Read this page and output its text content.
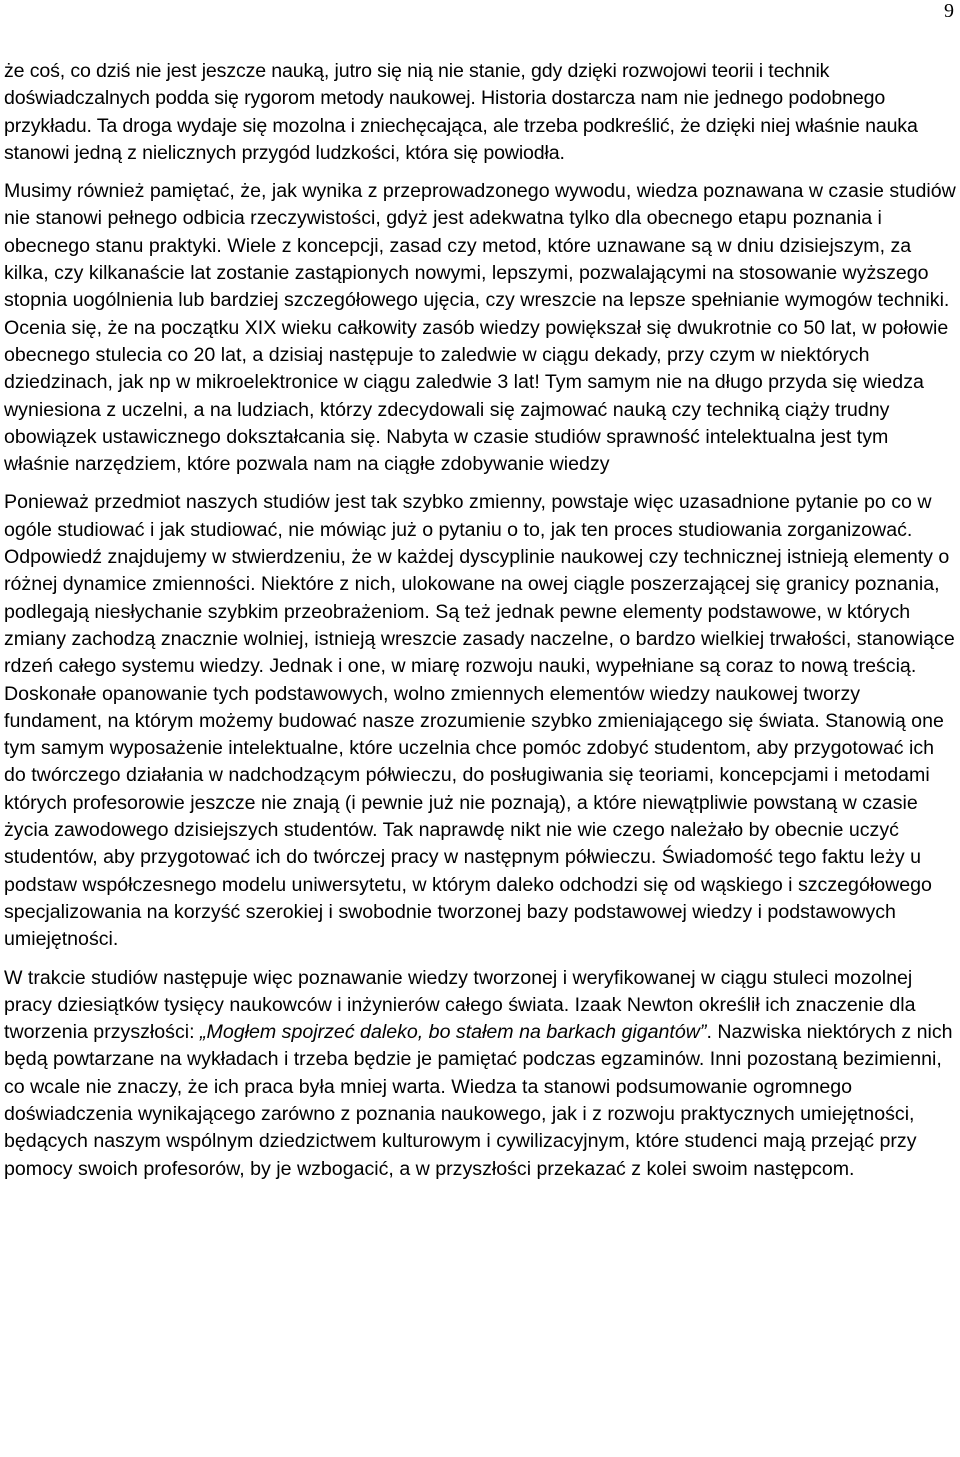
9

że coś, co dziś nie jest jeszcze nauką, jutro się nią nie stanie, gdy dzięki rozwojowi teorii i technik doświadczalnych podda się rygorom metody naukowej. Historia dostarcza nam nie jednego podobnego przykładu. Ta droga wydaje się mozolna i zniechęcająca, ale trzeba podkreślić, że dzięki niej właśnie nauka stanowi jedną z nielicznych przygód ludzkości, która się powiodła.

Musimy również pamiętać, że, jak wynika z przeprowadzonego wywodu, wiedza poznawana w czasie studiów nie stanowi pełnego odbicia rzeczywistości, gdyż jest adekwatna tylko dla obecnego etapu poznania i obecnego stanu praktyki. Wiele z koncepcji, zasad czy metod, które uznawane są w dniu dzisiejszym, za kilka, czy kilkanaście lat zostanie zastąpionych nowymi, lepszymi, pozwalającymi na stosowanie wyższego stopnia uogólnienia lub bardziej szczegółowego ujęcia, czy wreszcie na lepsze spełnianie wymogów techniki. Ocenia się, że na początku XIX wieku całkowity zasób wiedzy powiększał się dwukrotnie co 50 lat, w połowie obecnego stulecia co 20 lat, a dzisiaj następuje to zaledwie w ciągu dekady, przy czym w niektórych dziedzinach, jak np w mikroelektronice w ciągu zaledwie 3 lat! Tym samym nie na długo przyda się wiedza wyniesiona z uczelni, a na ludziach, którzy zdecydowali się zajmować nauką czy techniką ciąży trudny obowiązek ustawicznego dokształcania się. Nabyta w czasie studiów sprawność intelektualna jest tym właśnie narzędziem, które pozwala nam na ciągłe zdobywanie wiedzy

Ponieważ przedmiot naszych studiów jest tak szybko zmienny, powstaje więc uzasadnione pytanie po co w ogóle studiować i jak studiować, nie mówiąc już o pytaniu o to, jak ten proces studiowania zorganizować. Odpowiedź znajdujemy w stwierdzeniu, że w każdej dyscyplinie naukowej czy technicznej istnieją elementy o różnej dynamice zmienności. Niektóre z nich, ulokowane na owej ciągle poszerzającej się granicy poznania, podlegają niesłychanie szybkim przeobrażeniom. Są też jednak pewne elementy podstawowe, w których zmiany zachodzą znacznie wolniej, istnieją wreszcie zasady naczelne, o bardzo wielkiej trwałości, stanowiące rdzeń całego systemu wiedzy. Jednak i one, w miarę rozwoju nauki, wypełniane są coraz to nową treścią. Doskonałe opanowanie tych podstawowych, wolno zmiennych elementów wiedzy naukowej tworzy fundament, na którym możemy budować nasze zrozumienie szybko zmieniającego się świata. Stanowią one tym samym wyposażenie intelektualne, które uczelnia chce pomóc zdobyć studentom, aby przygotować ich do twórczego działania w nadchodzącym półwieczu, do posługiwania się teoriami, koncepcjami i metodami których profesorowie jeszcze nie znają (i pewnie już nie poznają), a które niewątpliwie powstaną w czasie życia zawodowego dzisiejszych studentów. Tak naprawdę nikt nie wie czego należało by obecnie uczyć studentów, aby przygotować ich do twórczej pracy w następnym półwieczu. Świadomość tego faktu leży u podstaw współczesnego modelu uniwersytetu, w którym daleko odchodzi się od wąskiego i szczegółowego specjalizowania na korzyść szerokiej i swobodnie tworzonej bazy podstawowej wiedzy i podstawowych umiejętności.

W trakcie studiów następuje więc poznawanie wiedzy tworzonej i weryfikowanej w ciągu stuleci mozolnej pracy dziesiątków tysięcy naukowców i inżynierów całego świata. Izaak Newton określił ich znaczenie dla tworzenia przyszłości: „Mogłem spojrzeć daleko, bo stałem na barkach gigantów”. Nazwiska niektórych z nich będą powtarzane na wykładach i trzeba będzie je pamiętać podczas egzaminów. Inni pozostaną bezimienni, co wcale nie znaczy, że ich praca była mniej warta. Wiedza ta stanowi podsumowanie ogromnego doświadczenia wynikającego zarówno z poznania naukowego, jak i z rozwoju praktycznych umiejętności, będących naszym wspólnym dziedzictwem kulturowym i cywilizacyjnym, które studenci mają przejąć przy pomocy swoich profesorów, by je wzbogacić, a w przyszłości przekazać z kolei swoim następcom.
